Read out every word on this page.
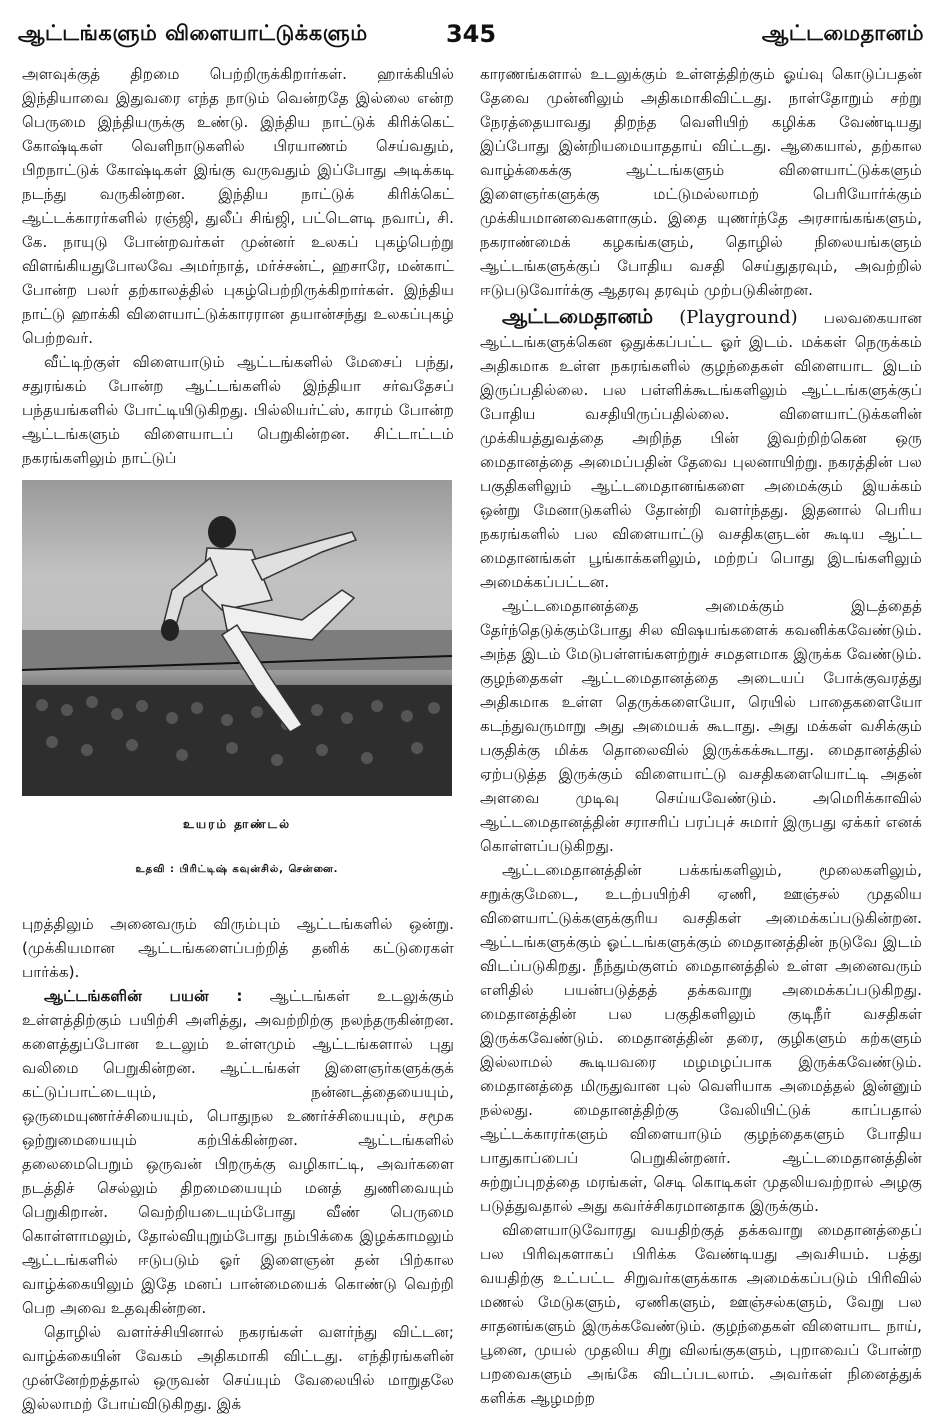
ஆட்டங்களும் விளையாட்டுக்களும்	ஆட்டமைதானம்
345

அளவுக்குத் திறமை பெற்றிருக்கிறார்கள். ஹாக்கியில் இந்தியாவை இதுவரை எந்த நாடும் வென்றதே இல்லை என்ற பெருமை இந்தியருக்கு உண்டு. இந்திய நாட்டுக் கிரிக்கெட் கோஷ்டிகள் வெளிநாடுகளில் பிரயாணம் செய்வதும், பிறநாட்டுக் கோஷ்டிகள் இங்கு வருவதும் இப்போது அடிக்கடி நடந்து வருகின்றன. இந்திய நாட்டுக் கிரிக்கெட் ஆட்டக்காரர்களில் ரஞ்ஜி, துலீப் சிங்ஜி, பட்டௌடி நவாப், சி. கே. நாயுடு போன்றவர்கள் முன்னர் உலகப் புகழ்பெற்று விளங்கியதுபோலவே அமர்நாத், மர்ச்சன்ட், ஹசாரே, மன்காட் போன்ற பலர் தற்காலத்தில் புகழ்பெற்றிருக்கிறார்கள். இந்திய நாட்டு ஹாக்கி விளையாட்டுக்காரரான தயான்சந்து உலகப்புகழ் பெற்றவர்.

வீட்டிற்குள் விளையாடும் ஆட்டங்களில் மேசைப் பந்து, சதுரங்கம் போன்ற ஆட்டங்களில் இந்தியா சர்வதேசப் பந்தயங்களில் போட்டியிடுகிறது. பில்லியர்ட்ஸ், காரம் போன்ற ஆட்டங்களும் விளையாடப் பெறுகின்றன. சிட்டாட்டம் நகரங்களிலும் நாட்டுப்

உயரம் தாண்டல்
உதவி : பிரிட்டிஷ் கவுன்சில், சென்னை.

புறத்திலும் அனைவரும் விரும்பும் ஆட்டங்களில் ஒன்று. (முக்கியமான ஆட்டங்களைப்பற்றித் தனிக் கட்டுரைகள் பார்க்க).

ஆட்டங்களின் பயன் : ஆட்டங்கள் உடலுக்கும் உள்ளத்திற்கும் பயிற்சி அளித்து, அவற்றிற்கு நலந்தருகின்றன. களைத்துப்போன உடலும் உள்ளமும் ஆட்டங்களால் புது வலிமை பெறுகின்றன. ஆட்டங்கள் இளைஞர்களுக்குக் கட்டுப்பாட்டையும், நன்னடத்தையையும், ஒருமையுணர்ச்சியையும், பொதுநல உணர்ச்சியையும், சமூக ஒற்றுமையையும் கற்பிக்கின்றன. ஆட்டங்களில் தலைமைபெறும் ஒருவன் பிறருக்கு வழிகாட்டி, அவர்களை நடத்திச் செல்லும் திறமையையும் மனத் துணிவையும் பெறுகிறான். வெற்றியடையும்போது வீண் பெருமை கொள்ளாமலும், தோல்வியுறும்போது நம்பிக்கை இழக்காமலும் ஆட்டங்களில் ஈடுபடும் ஓர் இளைஞன் தன் பிற்கால வாழ்க்கையிலும் இதே மனப் பான்மையைக் கொண்டு வெற்றி பெற அவை உதவுகின்றன.

தொழில் வளர்ச்சியினால் நகரங்கள் வளர்ந்து விட்டன; வாழ்க்கையின் வேகம் அதிகமாகி விட்டது. எந்திரங்களின் முன்னேற்றத்தால் ஒருவன் செய்யும் வேலையில் மாறுதலே இல்லாமற் போய்விடுகிறது. இக்

காரணங்களால் உடலுக்கும் உள்ளத்திற்கும் ஓய்வு கொடுப்பதன் தேவை முன்னிலும் அதிகமாகிவிட்டது. நாள்தோறும் சற்று நேரத்தையாவது திறந்த வெளியிற் கழிக்க வேண்டியது இப்போது இன்றியமையாததாய் விட்டது. ஆகையால், தற்கால வாழ்க்கைக்கு ஆட்டங்களும் விளையாட்டுக்களும் இளைஞர்களுக்கு மட்டுமல்லாமற் பெரியோர்க்கும் முக்கியமானவைகளாகும். இதை யுணர்ந்தே அரசாங்கங்களும், நகராண்மைக் கழகங்களும், தொழில் நிலையங்களும் ஆட்டங்களுக்குப் போதிய வசதி செய்துதரவும், அவற்றில் ஈடுபடுவோர்க்கு ஆதரவு தரவும் முற்படுகின்றன.

ஆட்டமைதானம் (Playground) பலவகையான ஆட்டங்களுக்கென ஒதுக்கப்பட்ட ஓர் இடம். மக்கள் நெருக்கம் அதிகமாக உள்ள நகரங்களில் குழந்தைகள் விளையாட இடம் இருப்பதில்லை. பல பள்ளிக்கூடங்களிலும் ஆட்டங்களுக்குப் போதிய வசதியிருப்பதில்லை. விளையாட்டுக்களின் முக்கியத்துவத்தை அறிந்த பின் இவற்றிற்கென ஒரு மைதானத்தை அமைப்பதின் தேவை புலனாயிற்று. நகரத்தின் பல பகுதிகளிலும் ஆட்டமைதானங்களை அமைக்கும் இயக்கம் ஒன்று மேனாடுகளில் தோன்றி வளர்ந்தது. இதனால் பெரிய நகரங்களில் பல விளையாட்டு வசதிகளுடன் கூடிய ஆட்ட மைதானங்கள் பூங்காக்களிலும், மற்றப் பொது இடங்களிலும் அமைக்கப்பட்டன.

ஆட்டமைதானத்தை அமைக்கும் இடத்தைத் தேர்ந்தெடுக்கும்போது சில விஷயங்களைக் கவனிக்கவேண்டும். அந்த இடம் மேடுபள்ளங்களற்றுச் சமதளமாக இருக்க வேண்டும். குழந்தைகள் ஆட்டமைதானத்தை அடையப் போக்குவரத்து அதிகமாக உள்ள தெருக்களையோ, ரெயில் பாதைகளையோ கடந்துவருமாறு அது அமையக் கூடாது. அது மக்கள் வசிக்கும் பகுதிக்கு மிக்க தொலைவில் இருக்கக்கூடாது. மைதானத்தில் ஏற்படுத்த இருக்கும் விளையாட்டு வசதிகளையொட்டி அதன் அளவை முடிவு செய்யவேண்டும். அமெரிக்காவில் ஆட்டமைதானத்தின் சராசரிப் பரப்புச் சுமார் இருபது ஏக்கர் எனக் கொள்ளப்படுகிறது.

ஆட்டமைதானத்தின் பக்கங்களிலும், மூலைகளிலும், சறுக்குமேடை, உடற்பயிற்சி ஏணி, ஊஞ்சல் முதலிய விளையாட்டுக்களுக்குரிய வசதிகள் அமைக்கப்படுகின்றன. ஆட்டங்களுக்கும் ஓட்டங்களுக்கும் மைதானத்தின் நடுவே இடம் விடப்படுகிறது. நீந்தும்குளம் மைதானத்தில் உள்ள அனைவரும் எளிதில் பயன்படுத்தத் தக்கவாறு அமைக்கப்படுகிறது. மைதானத்தின் பல பகுதிகளிலும் குடிநீர் வசதிகள் இருக்கவேண்டும். மைதானத்தின் தரை, குழிகளும் கற்களும் இல்லாமல் கூடியவரை மழமழப்பாக இருக்கவேண்டும். மைதானத்தை மிருதுவான புல் வெளியாக அமைத்தல் இன்னும் நல்லது. மைதானத்திற்கு வேலியிட்டுக் காப்பதால் ஆட்டக்காரர்களும் விளையாடும் குழந்தைகளும் போதிய பாதுகாப்பைப் பெறுகின்றனர். ஆட்டமைதானத்தின் சுற்றுப்புறத்தை மரங்கள், செடி கொடிகள் முதலியவற்றால் அழகு படுத்துவதால் அது கவர்ச்சிகரமானதாக இருக்கும்.

விளையாடுவோரது வயதிற்குத் தக்கவாறு மைதானத்தைப் பல பிரிவுகளாகப் பிரிக்க வேண்டியது அவசியம். பத்து வயதிற்கு உட்பட்ட சிறுவர்களுக்காக அமைக்கப்படும் பிரிவில் மணல் மேடுகளும், ஏணிகளும், ஊஞ்சல்களும், வேறு பல சாதனங்களும் இருக்கவேண்டும். குழந்தைகள் விளையாட நாய், பூனை, முயல் முதலிய சிறு விலங்குகளும், புறாவைப் போன்ற பறவைகளும் அங்கே விடப்படலாம். அவர்கள் நினைத்துக் களிக்க ஆழமற்ற
